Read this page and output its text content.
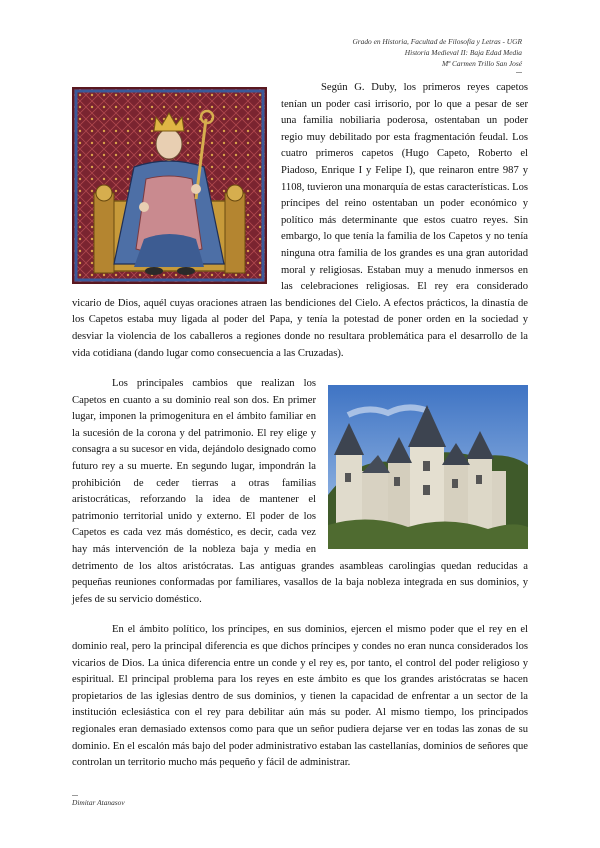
Grado en Historia, Facultad de Filosofía y Letras - UGR
Historia Medieval II: Baja Edad Media
Mª Carmen Trillo San José

Según G. Duby, los primeros reyes capetos tenían un poder casi irrisorio, por lo que a pesar de ser una familia nobiliaria poderosa, ostentaban un poder regio muy debilitado por esta fragmentación feudal. Los cuatro primeros capetos (Hugo Capeto, Roberto el Piadoso, Enrique I y Felipe I), que reinaron entre 987 y 1108, tuvieron una monarquía de estas características. Los príncipes del reino ostentaban un poder económico y político más determinante que estos cuatro reyes. Sin embargo, lo que tenía la familia de los Capetos y no tenía ninguna otra familia de los grandes es una gran autoridad moral y religiosas. Estaban muy a menudo inmersos en las celebraciones religiosas. El rey era considerado vicario de Dios, aquél cuyas oraciones atraen las bendiciones del Cielo. A efectos prácticos, la dinastía de los Capetos estaba muy ligada al poder del Papa, y tenía la potestad de poner orden en la sociedad y desviar la violencia de los caballeros a regiones donde no resultara problemática para el desarrollo de la vida cotidiana (dando lugar como consecuencia a las Cruzadas).

Los principales cambios que realizan los Capetos en cuanto a su dominio real son dos. En primer lugar, imponen la primogenitura en el ámbito familiar en la sucesión de la corona y del patrimonio. El rey elige y consagra a su sucesor en vida, dejándolo designado como futuro rey a su muerte. En segundo lugar, impondrán la prohibición de ceder tierras a otras familias aristocráticas, reforzando la idea de mantener el patrimonio territorial unido y externo. El poder de los Capetos es cada vez más doméstico, es decir, cada vez hay más intervención de la nobleza baja y media en detrimento de los altos aristócratas. Las antiguas grandes asambleas carolingias quedan reducidas a pequeñas reuniones conformadas por familiares, vasallos de la baja nobleza integrada en sus dominios, y jefes de su servicio doméstico.

En el ámbito político, los príncipes, en sus dominios, ejercen el mismo poder que el rey en el dominio real, pero la principal diferencia es que dichos príncipes y condes no eran nunca considerados los vicarios de Dios. La única diferencia entre un conde y el rey es, por tanto, el control del poder religioso y espiritual. El principal problema para los reyes en este ámbito es que los grandes aristócratas se hacen propietarios de las iglesias dentro de sus dominios, y tienen la capacidad de enfrentar a un sector de la institución eclesiástica con el rey para debilitar aún más su poder. Al mismo tiempo, los principados regionales eran demasiado extensos como para que un señor pudiera dejarse ver en todas las zonas de su dominio. En el escalón más bajo del poder administrativo estaban las castellanías, dominios de señores que controlan un territorio mucho más pequeño y fácil de administrar.

Dimitar Atanasov
